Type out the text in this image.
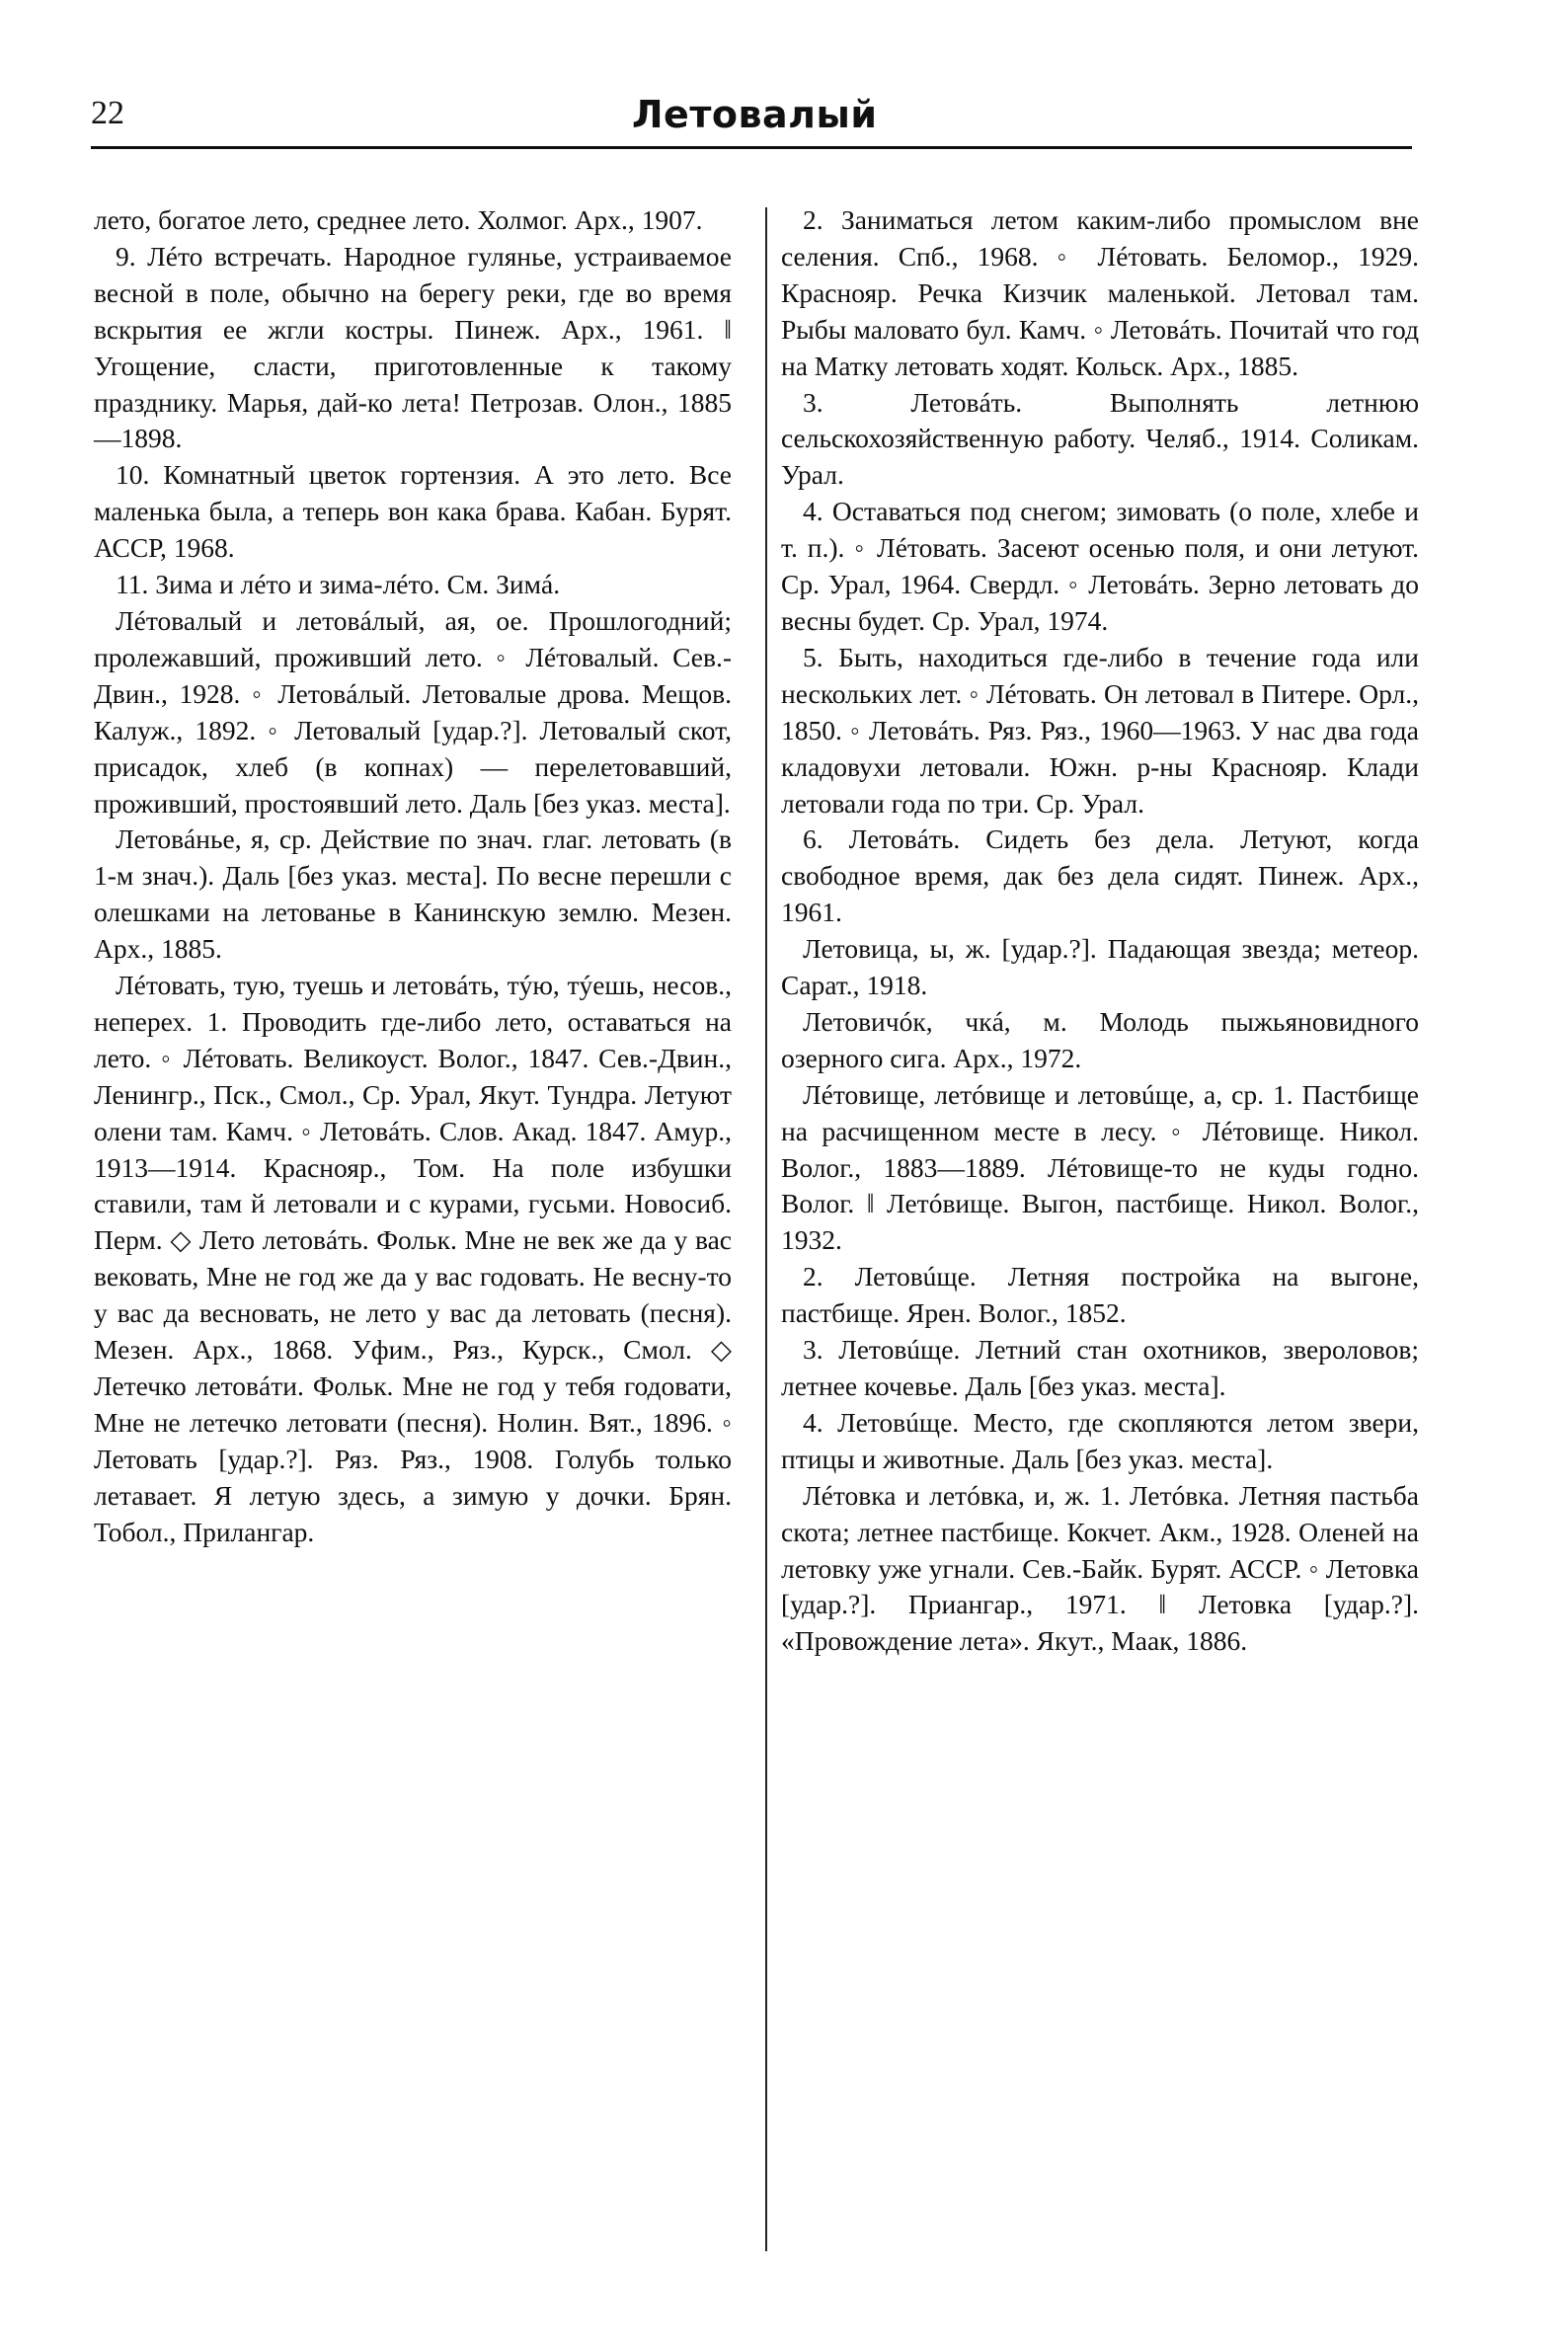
22	Летовалый

лето, богатое лето, среднее лето. Холмог. Арх., 1907.

9. Лéто встречать. Народное гулянье, устраиваемое весной в поле, обычно на берегу реки, где во время вскрытия ее жгли костры. Пинеж. Арх., 1961. ‖ Угощение, сласти, приготовленные к такому празднику. Марья, дай-ко лета! Петрозав. Олон., 1885—1898.

10. Комнатный цветок гортензия. А это лето. Все маленька была, а теперь вон кака брава. Кабан. Бурят. АССР, 1968.

11. Зима и лéто и зима-лéто. См. Зимá.

Лéтовалый и летовáлый, ая, ое. Прошлогодний; пролежавший, проживший лето. ◦ Лéтовалый. Сев.-Двин., 1928. ◦ Летовáлый. Летовалые дрова. Мещов. Калуж., 1892. ◦ Летовалый [удар.?]. Летовалый скот, присадок, хлеб (в копнах) — перелетовавший, проживший, простоявший лето. Даль [без указ. места].

Летовáнье, я, ср. Действие по знач. глаг. летовать (в 1-м знач.). Даль [без указ. места]. По весне перешли с олешками на летованье в Канинскую землю. Мезен. Арх., 1885.

Лéтовать, тую, туешь и летовáть, тýю, тýешь, несов., неперех. 1. Проводить где-либо лето, оставаться на лето. ◦ Лéтовать. Великоуст. Волог., 1847. Сев.-Двин., Ленингр., Пск., Смол., Ср. Урал, Якут. Тундра. Летуют олени там. Камч. ◦ Летовáть. Слов. Акад. 1847. Амур., 1913—1914. Краснояр., Том. На поле избушки ставили, там й летовали и с курами, гусьми. Новосиб. Перм. ◇ Лето летовáть. Фольк. Мне не век же да у вас вековать, Мне не год же да у вас годовать. Не весну-то у вас да весновать, не лето у вас да летовать (песня). Мезен. Арх., 1868. Уфим., Ряз., Курск., Смол. ◇ Летечко летовáти. Фольк. Мне не год у тебя годовати, Мне не летечко летовати (песня). Нолин. Вят., 1896. ◦ Летовать [удар.?]. Ряз. Ряз., 1908. Голубь только летавает. Я летую здесь, а зимую у дочки. Брян. Тобол., Прилангар.

2. Заниматься летом каким-либо промыслом вне селения. Спб., 1968. ◦ Лéтовать. Беломор., 1929. Краснояр. Речка Кизчик маленькой. Летовал там. Рыбы маловато бул. Камч. ◦ Летовáть. Почитай что год на Матку летовать ходят. Кольск. Арх., 1885.

3. Летовáть. Выполнять летнюю сельскохозяйственную работу. Челяб., 1914. Соликам. Урал.

4. Оставаться под снегом; зимовать (о поле, хлебе и т. п.). ◦ Лéтовать. Засеют осенью поля, и они летуют. Ср. Урал, 1964. Свердл. ◦ Летовáть. Зерно летовать до весны будет. Ср. Урал, 1974.

5. Быть, находиться где-либо в течение года или нескольких лет. ◦ Лéтовать. Он летовал в Питере. Орл., 1850. ◦ Летовáть. Ряз. Ряз., 1960—1963. У нас два года кладовухи летовали. Южн. р-ны Краснояр. Клади летовали года по три. Ср. Урал.

6. Летовáть. Сидеть без дела. Летуют, когда свободное время, дак без дела сидят. Пинеж. Арх., 1961.

Летовица, ы, ж. [удар.?]. Падающая звезда; метеор. Сарат., 1918.

Летовичóк, чкá, м. Молодь пыжьяновидного озерного сига. Арх., 1972.

Лéтовище, летóвище и летовúще, а, ср. 1. Пастбище на расчищенном месте в лесу. ◦ Лéтовище. Никол. Волог., 1883—1889. Лéтовище-то не куды годно. Волог. ‖ Летóвище. Выгон, пастбище. Никол. Волог., 1932.

2. Летовúще. Летняя постройка на выгоне, пастбище. Ярен. Волог., 1852.

3. Летовúще. Летний стан охотников, звероловов; летнее кочевье. Даль [без указ. места].

4. Летовúще. Место, где скопляются летом звери, птицы и животные. Даль [без указ. места].

Лéтовка и летóвка, и, ж. 1. Летóвка. Летняя пастьба скота; летнее пастбище. Кокчет. Акм., 1928. Оленей на летовку уже угнали. Сев.-Байк. Бурят. АССР. ◦ Летовка [удар.?]. Приангар., 1971. ‖ Летовка [удар.?]. «Провождение лета». Якут., Маак, 1886.
